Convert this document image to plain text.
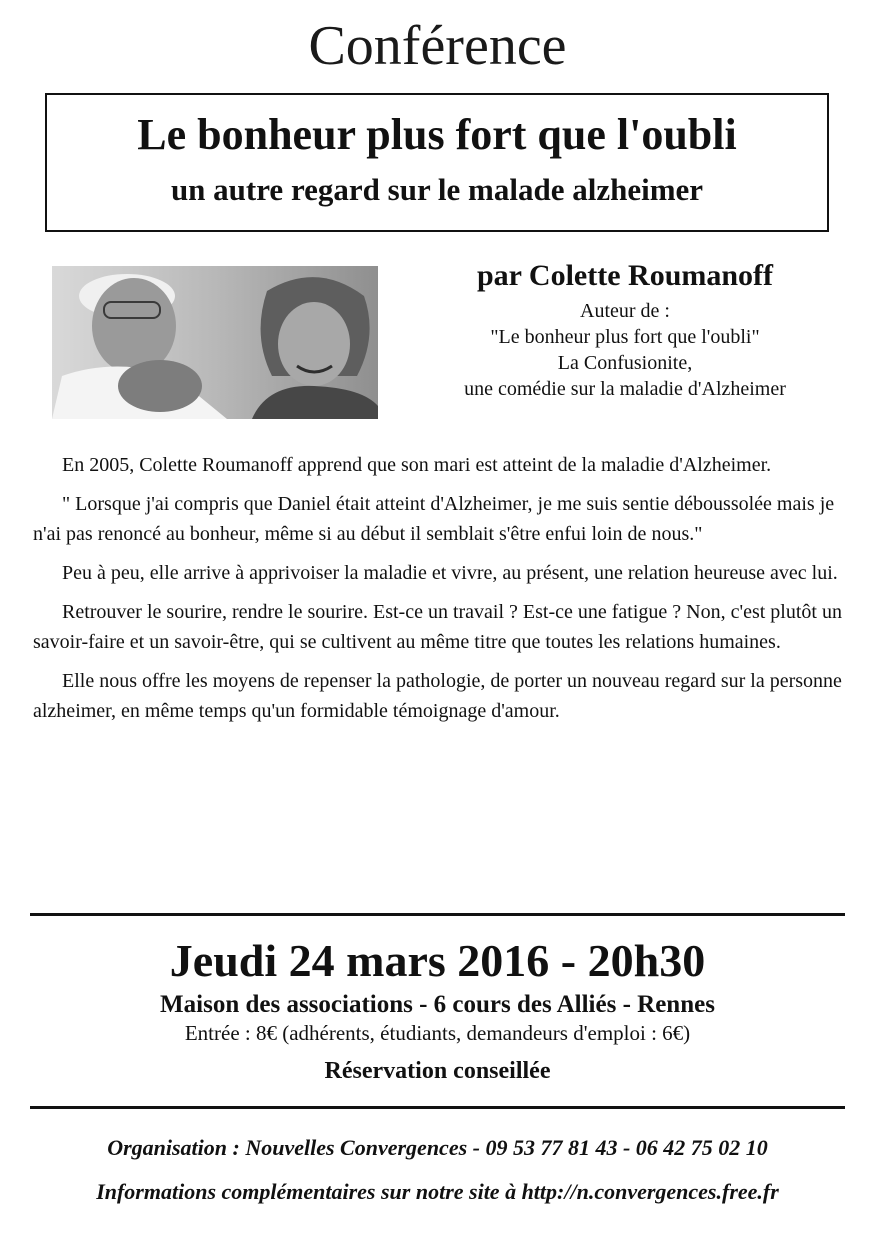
Conférence
Le bonheur plus fort que l'oubli
un autre regard sur le malade alzheimer
par Colette Roumanoff
Auteur de :
"Le bonheur plus fort que l'oubli"
La Confusionite,
une comédie sur la maladie d'Alzheimer

En 2005, Colette Roumanoff apprend que son mari est atteint de la maladie d'Alzheimer.

" Lorsque j'ai compris que Daniel était atteint d'Alzheimer, je me suis sentie déboussolée mais je n'ai pas renoncé au bonheur, même si au début il semblait s'être enfui loin de nous."

Peu à peu, elle arrive à apprivoiser la maladie et vivre, au présent, une relation heureuse avec lui.

Retrouver le sourire, rendre le sourire. Est-ce un travail ? Est-ce une fatigue ? Non, c'est plutôt un savoir-faire et un savoir-être, qui se cultivent au même titre que toutes les relations humaines.

Elle nous offre les moyens de repenser la pathologie, de porter un nouveau regard sur la personne alzheimer, en même temps qu'un formidable témoignage d'amour.

Jeudi 24 mars 2016 - 20h30
Maison des associations - 6 cours des Alliés - Rennes
Entrée : 8€ (adhérents, étudiants, demandeurs d'emploi : 6€)
Réservation conseillée
Organisation : Nouvelles Convergences - 09 53 77 81 43 - 06 42 75 02 10
Informations complémentaires sur notre site à http://n.convergences.free.fr
